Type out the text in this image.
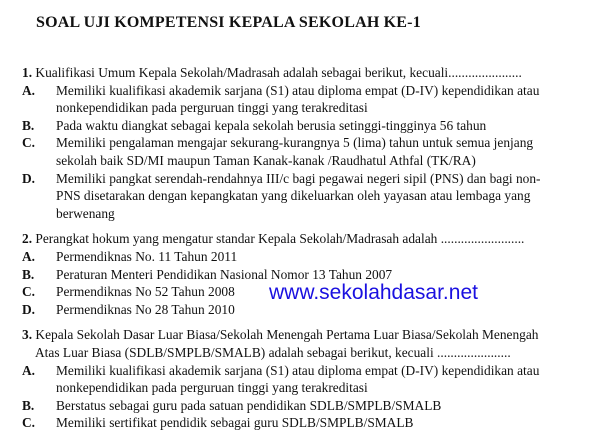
SOAL UJI KOMPETENSI KEPALA SEKOLAH KE-1

1. Kualifikasi Umum Kepala Sekolah/Madrasah adalah sebagai berikut, kecuali......................

A.	Memiliki kualifikasi akademik sarjana (S1) atau diploma empat (D-IV) kependidikan atau

nonkependidikan pada perguruan tinggi yang terakreditasi

B.	Pada waktu diangkat sebagai kepala sekolah berusia setinggi-tingginya 56 tahun
C.	Memiliki pengalaman mengajar sekurang-kurangnya 5 (lima) tahun untuk semua jenjang

sekolah baik SD/MI maupun Taman Kanak-kanak /Raudhatul Athfal (TK/RA)

D.	Memiliki pangkat serendah-rendahnya III/c bagi pegawai negeri sipil (PNS) dan bagi non-

PNS disetarakan dengan kepangkatan yang dikeluarkan oleh yayasan atau lembaga yang

berwenang

2. Perangkat hokum yang mengatur standar Kepala Sekolah/Madrasah adalah .........................

A.	Permendiknas No. 11 Tahun 2011
B.	Peraturan Menteri Pendidikan Nasional Nomor 13 Tahun 2007
C.	Permendiknas No 52 Tahun 2008
D.	Permendiknas No 28 Tahun 2010

3. Kepala Sekolah Dasar Luar Biasa/Sekolah Menengah Pertama Luar Biasa/Sekolah Menengah

Atas Luar Biasa (SDLB/SMPLB/SMALB) adalah sebagai berikut, kecuali ......................

A.	Memiliki kualifikasi akademik sarjana (S1) atau diploma empat (D-IV) kependidikan atau

nonkependidikan pada perguruan tinggi yang terakreditasi

B.	Berstatus sebagai guru pada satuan pendidikan SDLB/SMPLB/SMALB
C.	Memiliki sertifikat pendidik sebagai guru SDLB/SMPLB/SMALB
www.sekolahdasar.net
